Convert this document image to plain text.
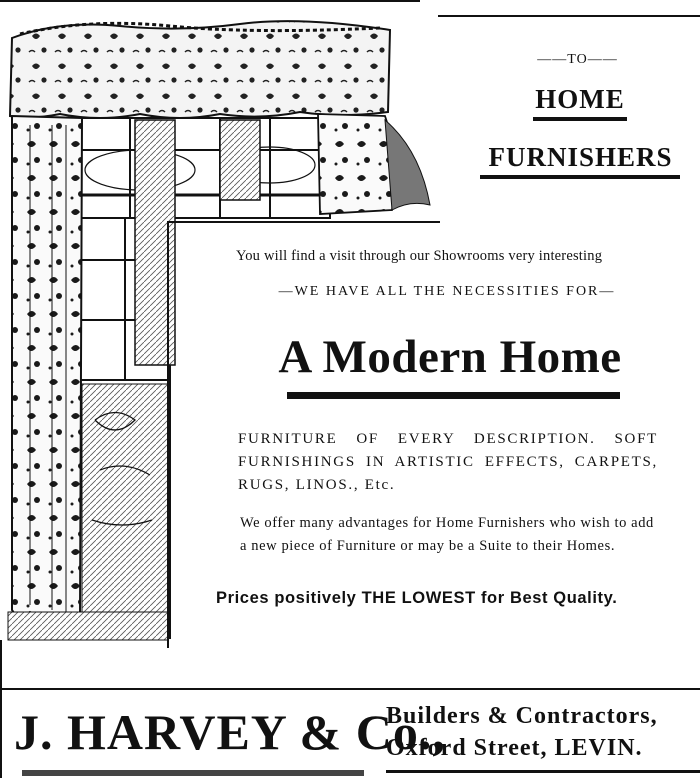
——TO——
HOME
FURNISHERS
You will find a visit through our Showrooms very interesting
—WE HAVE ALL THE NECESSITIES FOR—
A Modern Home
FURNITURE OF EVERY DESCRIPTION. SOFT FURNISHINGS IN ARTISTIC EFFECTS, CARPETS, RUGS, LINOS., Etc.
We offer many advantages for Home Furnishers who wish to add a new piece of Furniture or may be a Suite to their Homes.
Prices positively THE LOWEST for Best Quality.
J. HARVEY & Co.,
Builders & Contractors,
Oxford Street, LEVIN.
